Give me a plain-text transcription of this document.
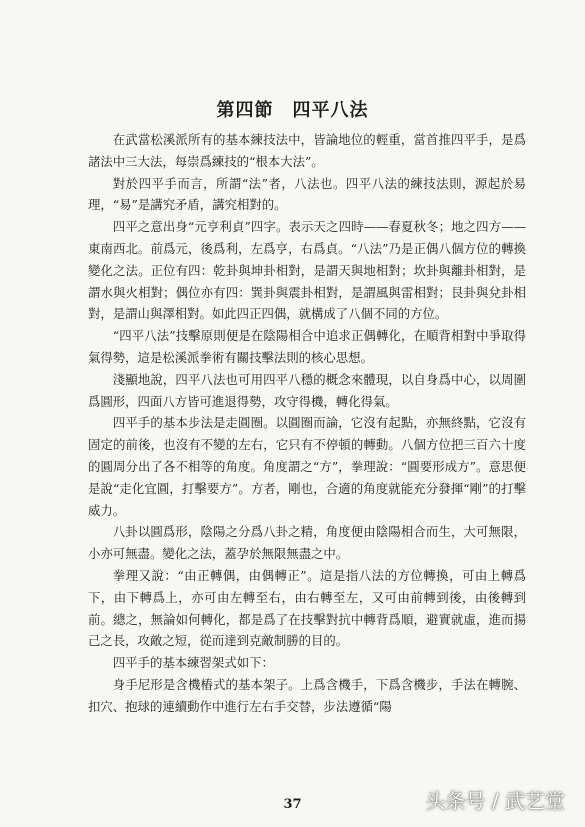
第四節　四平八法

在武當松溪派所有的基本練技法中，皆論地位的輕重，當首推四平手，是爲諸法中三大法，每崇爲練技的“根本大法”。

對於四平手而言，所謂“法”者，八法也。四平八法的練技法則，源起於易理，“易”是講究矛盾，講究相對的。

四平之意出身“元亨利貞”四字。表示天之四時——春夏秋冬；地之四方——東南西北。前爲元，後爲利，左爲亨，右爲貞。“八法”乃是正偶八個方位的轉換變化之法。正位有四：乾卦與坤卦相對，是謂天與地相對；坎卦與離卦相對，是謂水與火相對；偶位亦有四：巽卦與震卦相對，是謂風與雷相對；艮卦與兌卦相對，是謂山與澤相對。如此四正四偶，就構成了八個不同的方位。

“四平八法”技擊原則便是在陰陽相合中追求正偶轉化，在順背相對中爭取得氣得勢，這是松溪派拳術有關技擊法則的核心思想。

淺顯地說，四平八法也可用四平八穩的概念來體現，以自身爲中心，以周圍爲圓形，四面八方皆可進退得勢，攻守得機，轉化得氣。

四平手的基本步法是走圓圈。以圓圈而論，它沒有起點，亦無終點，它沒有固定的前後，也沒有不變的左右，它只有不停頓的轉動。八個方位把三百六十度的圓周分出了各不相等的角度。角度謂之“方”，拳理說：“圓要形成方”。意思便是說“走化宜圓，打擊要方”。方者，剛也，合適的角度就能充分發揮“剛”的打擊威力。

八卦以圓爲形，陰陽之分爲八卦之精，角度便由陰陽相合而生，大可無限，小亦可無盡。變化之法，蓋孕於無限無盡之中。

拳理又說：“由正轉偶，由偶轉正”。這是指八法的方位轉換，可由上轉爲下，由下轉爲上，亦可由左轉至右，由右轉至左，又可由前轉到後，由後轉到前。總之，無論如何轉化，都是爲了在技擊對抗中轉背爲順，避實就虛，進而揚己之長，攻敵之短，從而達到克敵制勝的目的。

四平手的基本練習架式如下：

身手尼形是含機樁式的基本架子。上爲含機手，下爲含機步，手法在轉腕、扣穴、抱球的連續動作中進行左右手交替，步法遵循“陽

37	头条号 / 武艺堂
